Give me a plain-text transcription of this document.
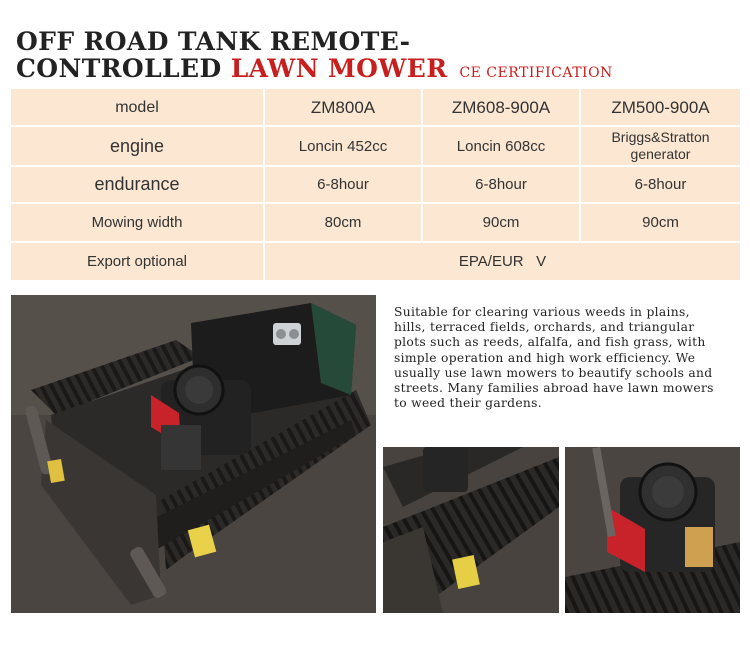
OFF ROAD TANK REMOTE-
CONTROLLED LAWN MOWER CE CERTIFICATION
model	ZM800A	ZM608-900A	ZM500-900A
engine	Loncin 452cc	Loncin 608cc	Briggs&Stratton generator
endurance	6-8hour	6-8hour	6-8hour
Mowing width	80cm	90cm	90cm
Export optional	EPA/EUR   V		

Suitable for clearing various weeds in plains, hills, terraced fields, orchards, and triangular plots such as reeds, alfalfa, and fish grass, with simple operation and high work efficiency. We usually use lawn mowers to beautify schools and streets. Many families abroad have lawn mowers to weed their gardens.
